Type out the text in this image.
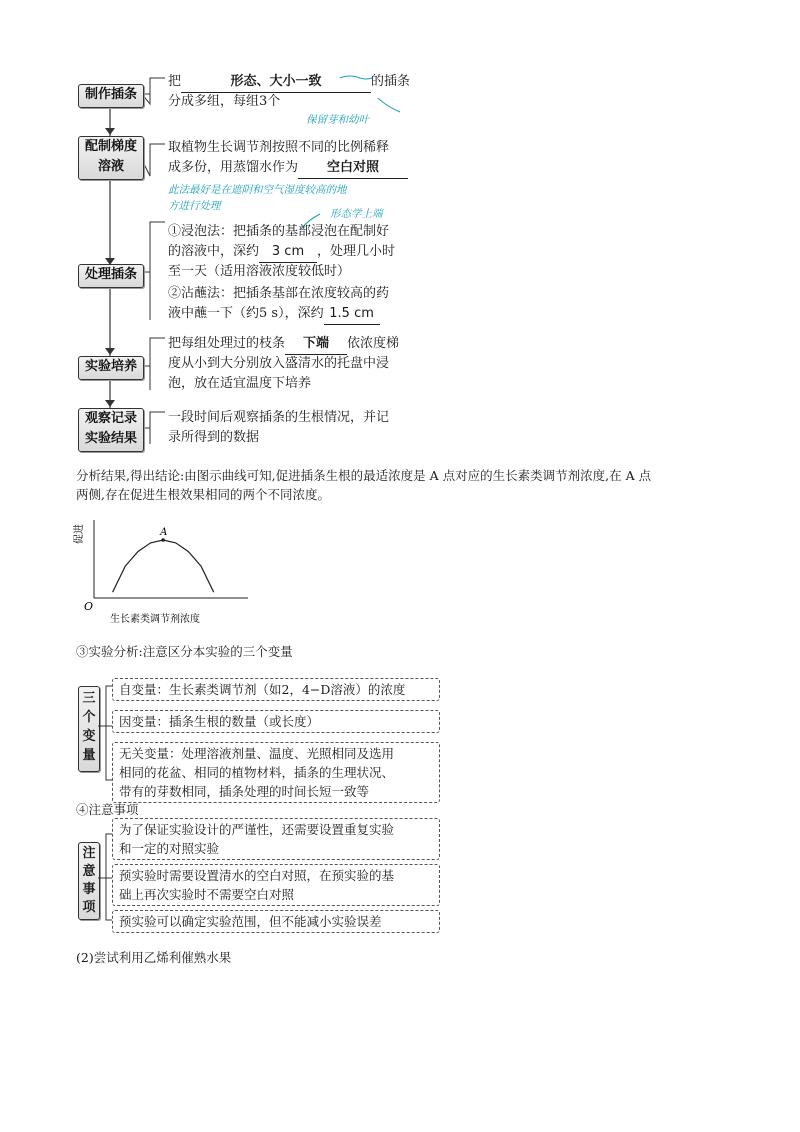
制作插条
配制梯度溶液
处理插条
实验培养
观察记录实验结果
把	形态、大小一致	的插条
分成多组，每组3个
保留芽和幼叶
取植物生长调节剂按照不同的比例稀释
成多份，用蒸馏水作为 空白对照
此法最好是在遮阴和空气湿度较高的地
方进行处理
形态学上端
①浸泡法：把插条的基部浸泡在配制好
的溶液中，深约 3 cm ，处理几小时
至一天（适用溶液浓度较低时）
②沾蘸法：把插条基部在浓度较高的药
液中蘸一下（约5 s），深约 1.5 cm
把每组处理过的枝条 下端 依浓度梯
度从小到大分别放入盛清水的托盘中浸
泡，放在适宜温度下培养
一段时间后观察插条的生根情况，并记
录所得到的数据
分析结果,得出结论:由图示曲线可知,促进插条生根的最适浓度是 A 点对应的生长素类调节剂浓度,在 A 点
两侧,存在促进生根效果相同的两个不同浓度。
促进
O
生长素类调节剂浓度
A
③实验分析:注意区分本实验的三个变量
三个变量
自变量：生长素类调节剂（如2，4−D溶液）的浓度
因变量：插条生根的数量（或长度）
无关变量：处理溶液剂量、温度、光照相同及选用
相同的花盆、相同的植物材料，插条的生理状况、
带有的芽数相同，插条处理的时间长短一致等
④注意事项
注意事项
为了保证实验设计的严谨性，还需要设置重复实验
和一定的对照实验
预实验时需要设置清水的空白对照，在预实验的基
础上再次实验时不需要空白对照
预实验可以确定实验范围，但不能减小实验误差
(2)尝试利用乙烯利催熟水果
